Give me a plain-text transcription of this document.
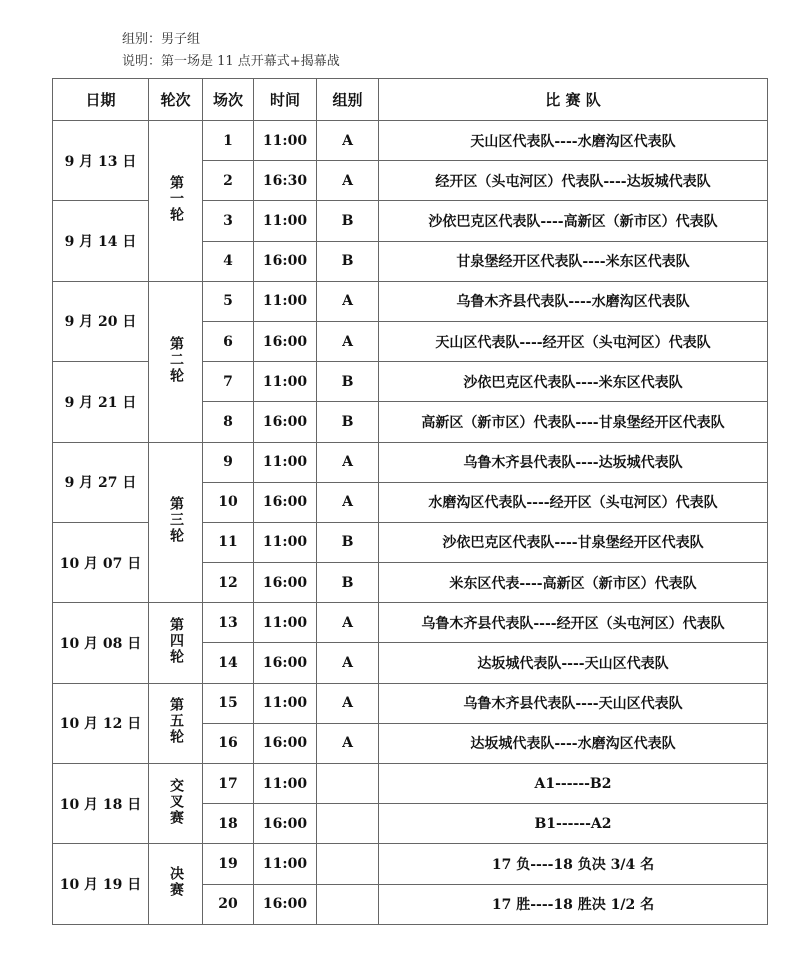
组别：男子组
说明：第一场是 11 点开幕式+揭幕战
日期	轮次	场次	时间	组别	比 赛 队
9 月 13 日	第一轮	1	11:00	A	天山区代表队----水磨沟区代表队
		2	16:30	A	经开区（头屯河区）代表队----达坂城代表队
9 月 14 日		3	11:00	B	沙依巴克区代表队----高新区（新市区）代表队
		4	16:00	B	甘泉堡经开区代表队----米东区代表队
9 月 20 日	第二轮	5	11:00	A	乌鲁木齐县代表队----水磨沟区代表队
		6	16:00	A	天山区代表队----经开区（头屯河区）代表队
9 月 21 日		7	11:00	B	沙依巴克区代表队----米东区代表队
		8	16:00	B	高新区（新市区）代表队----甘泉堡经开区代表队
9 月 27 日	第三轮	9	11:00	A	乌鲁木齐县代表队----达坂城代表队
		10	16:00	A	水磨沟区代表队----经开区（头屯河区）代表队
10 月 07 日		11	11:00	B	沙依巴克区代表队----甘泉堡经开区代表队
		12	16:00	B	米东区代表----高新区（新市区）代表队
10 月 08 日	第四轮	13	11:00	A	乌鲁木齐县代表队----经开区（头屯河区）代表队
		14	16:00	A	达坂城代表队----天山区代表队
10 月 12 日	第五轮	15	11:00	A	乌鲁木齐县代表队----天山区代表队
		16	16:00	A	达坂城代表队----水磨沟区代表队
10 月 18 日	交叉赛	17	11:00		A1------B2
		18	16:00		B1------A2
10 月 19 日	决赛	19	11:00		17 负----18 负决 3/4 名
		20	16:00		17 胜----18 胜决 1/2 名
